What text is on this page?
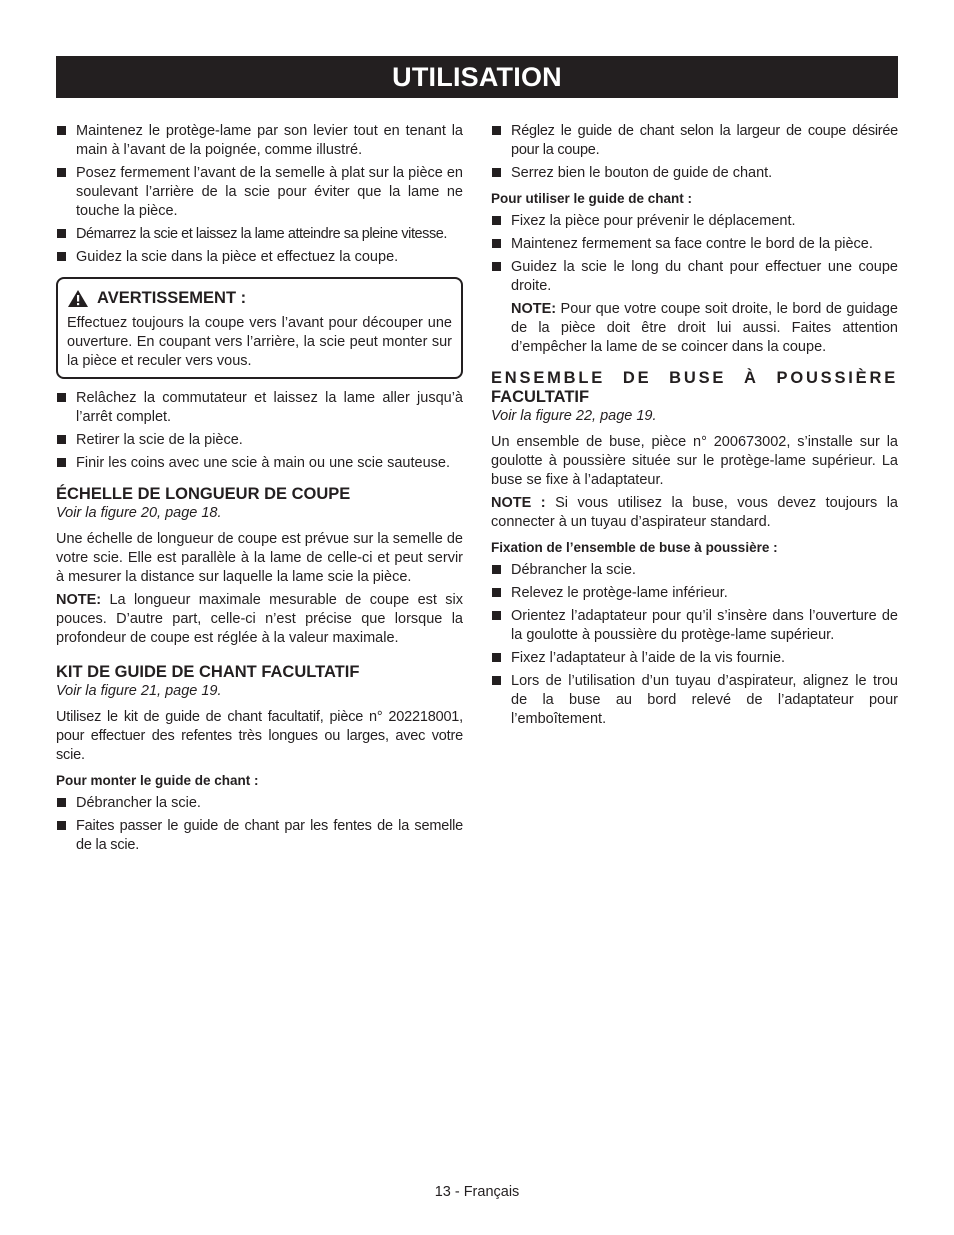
UTILISATION
Maintenez le protège-lame par son levier tout en tenant la main à l’avant de la poignée, comme illustré.
Posez fermement l’avant de la semelle à plat sur la pièce en soulevant l’arrière de la scie pour éviter que la lame ne touche la pièce.
Démarrez la scie et laissez la lame atteindre sa pleine vitesse.
Guidez la scie dans la pièce et effectuez la coupe.
AVERTISSEMENT :
Effectuez toujours la coupe vers l’avant pour découper une ouverture. En coupant vers l’arrière, la scie peut monter sur la pièce et reculer vers vous.
Relâchez la commutateur et laissez la lame aller jusqu’à l’arrêt complet.
Retirer la scie de la pièce.
Finir les coins avec une scie à main ou une scie sauteuse.
ÉCHELLE DE LONGUEUR DE COUPE
Voir la figure 20, page 18.

Une échelle de longueur de coupe est prévue sur la semelle de votre scie. Elle est parallèle à la lame de celle-ci et peut servir à mesurer la distance sur laquelle la lame scie la pièce.

NOTE: La longueur maximale mesurable de coupe est six pouces. D’autre part, celle-ci n’est précise que lorsque la profondeur de coupe est réglée à la valeur maximale.

KIT DE GUIDE DE CHANT FACULTATIF
Voir la figure 21, page 19.

Utilisez le kit de guide de chant facultatif, pièce n° 202218001, pour effectuer des refentes très longues ou larges, avec votre scie.

Pour monter le guide de chant :
Débrancher la scie.
Faites passer le guide de chant par les fentes de la semelle de la scie.
Réglez le guide de chant selon la largeur de coupe désirée pour la coupe.
Serrez bien le bouton de guide de chant.
Pour utiliser le guide de chant :
Fixez la pièce pour prévenir le déplacement.
Maintenez fermement sa face contre le bord de la pièce.
Guidez la scie le long du chant pour effectuer une coupe droite.

NOTE: Pour que votre coupe soit droite, le bord de guidage de la pièce doit être droit lui aussi. Faites attention d’empêcher la lame de se coincer dans la coupe.

ENSEMBLE DE BUSE À POUSSIÈRE
FACULTATIF
Voir la figure 22, page 19.

Un ensemble de buse, pièce n° 200673002, s’installe sur la goulotte à poussière située sur le protège-lame supérieur. La buse se fixe à l’adaptateur.

NOTE : Si vous utilisez la buse, vous devez toujours la connecter à un tuyau d’aspirateur standard.

Fixation de l’ensemble de buse à poussière :
Débrancher la scie.
Relevez le protège-lame inférieur.
Orientez l’adaptateur pour qu’il s’insère dans l’ouverture de la goulotte à poussière du protège-lame supérieur.
Fixez l’adaptateur à l’aide de la vis fournie.
Lors de l’utilisation d’un tuyau d’aspirateur, alignez le trou de la buse au bord relevé de l’adaptateur pour l’emboîtement.
13 - Français
